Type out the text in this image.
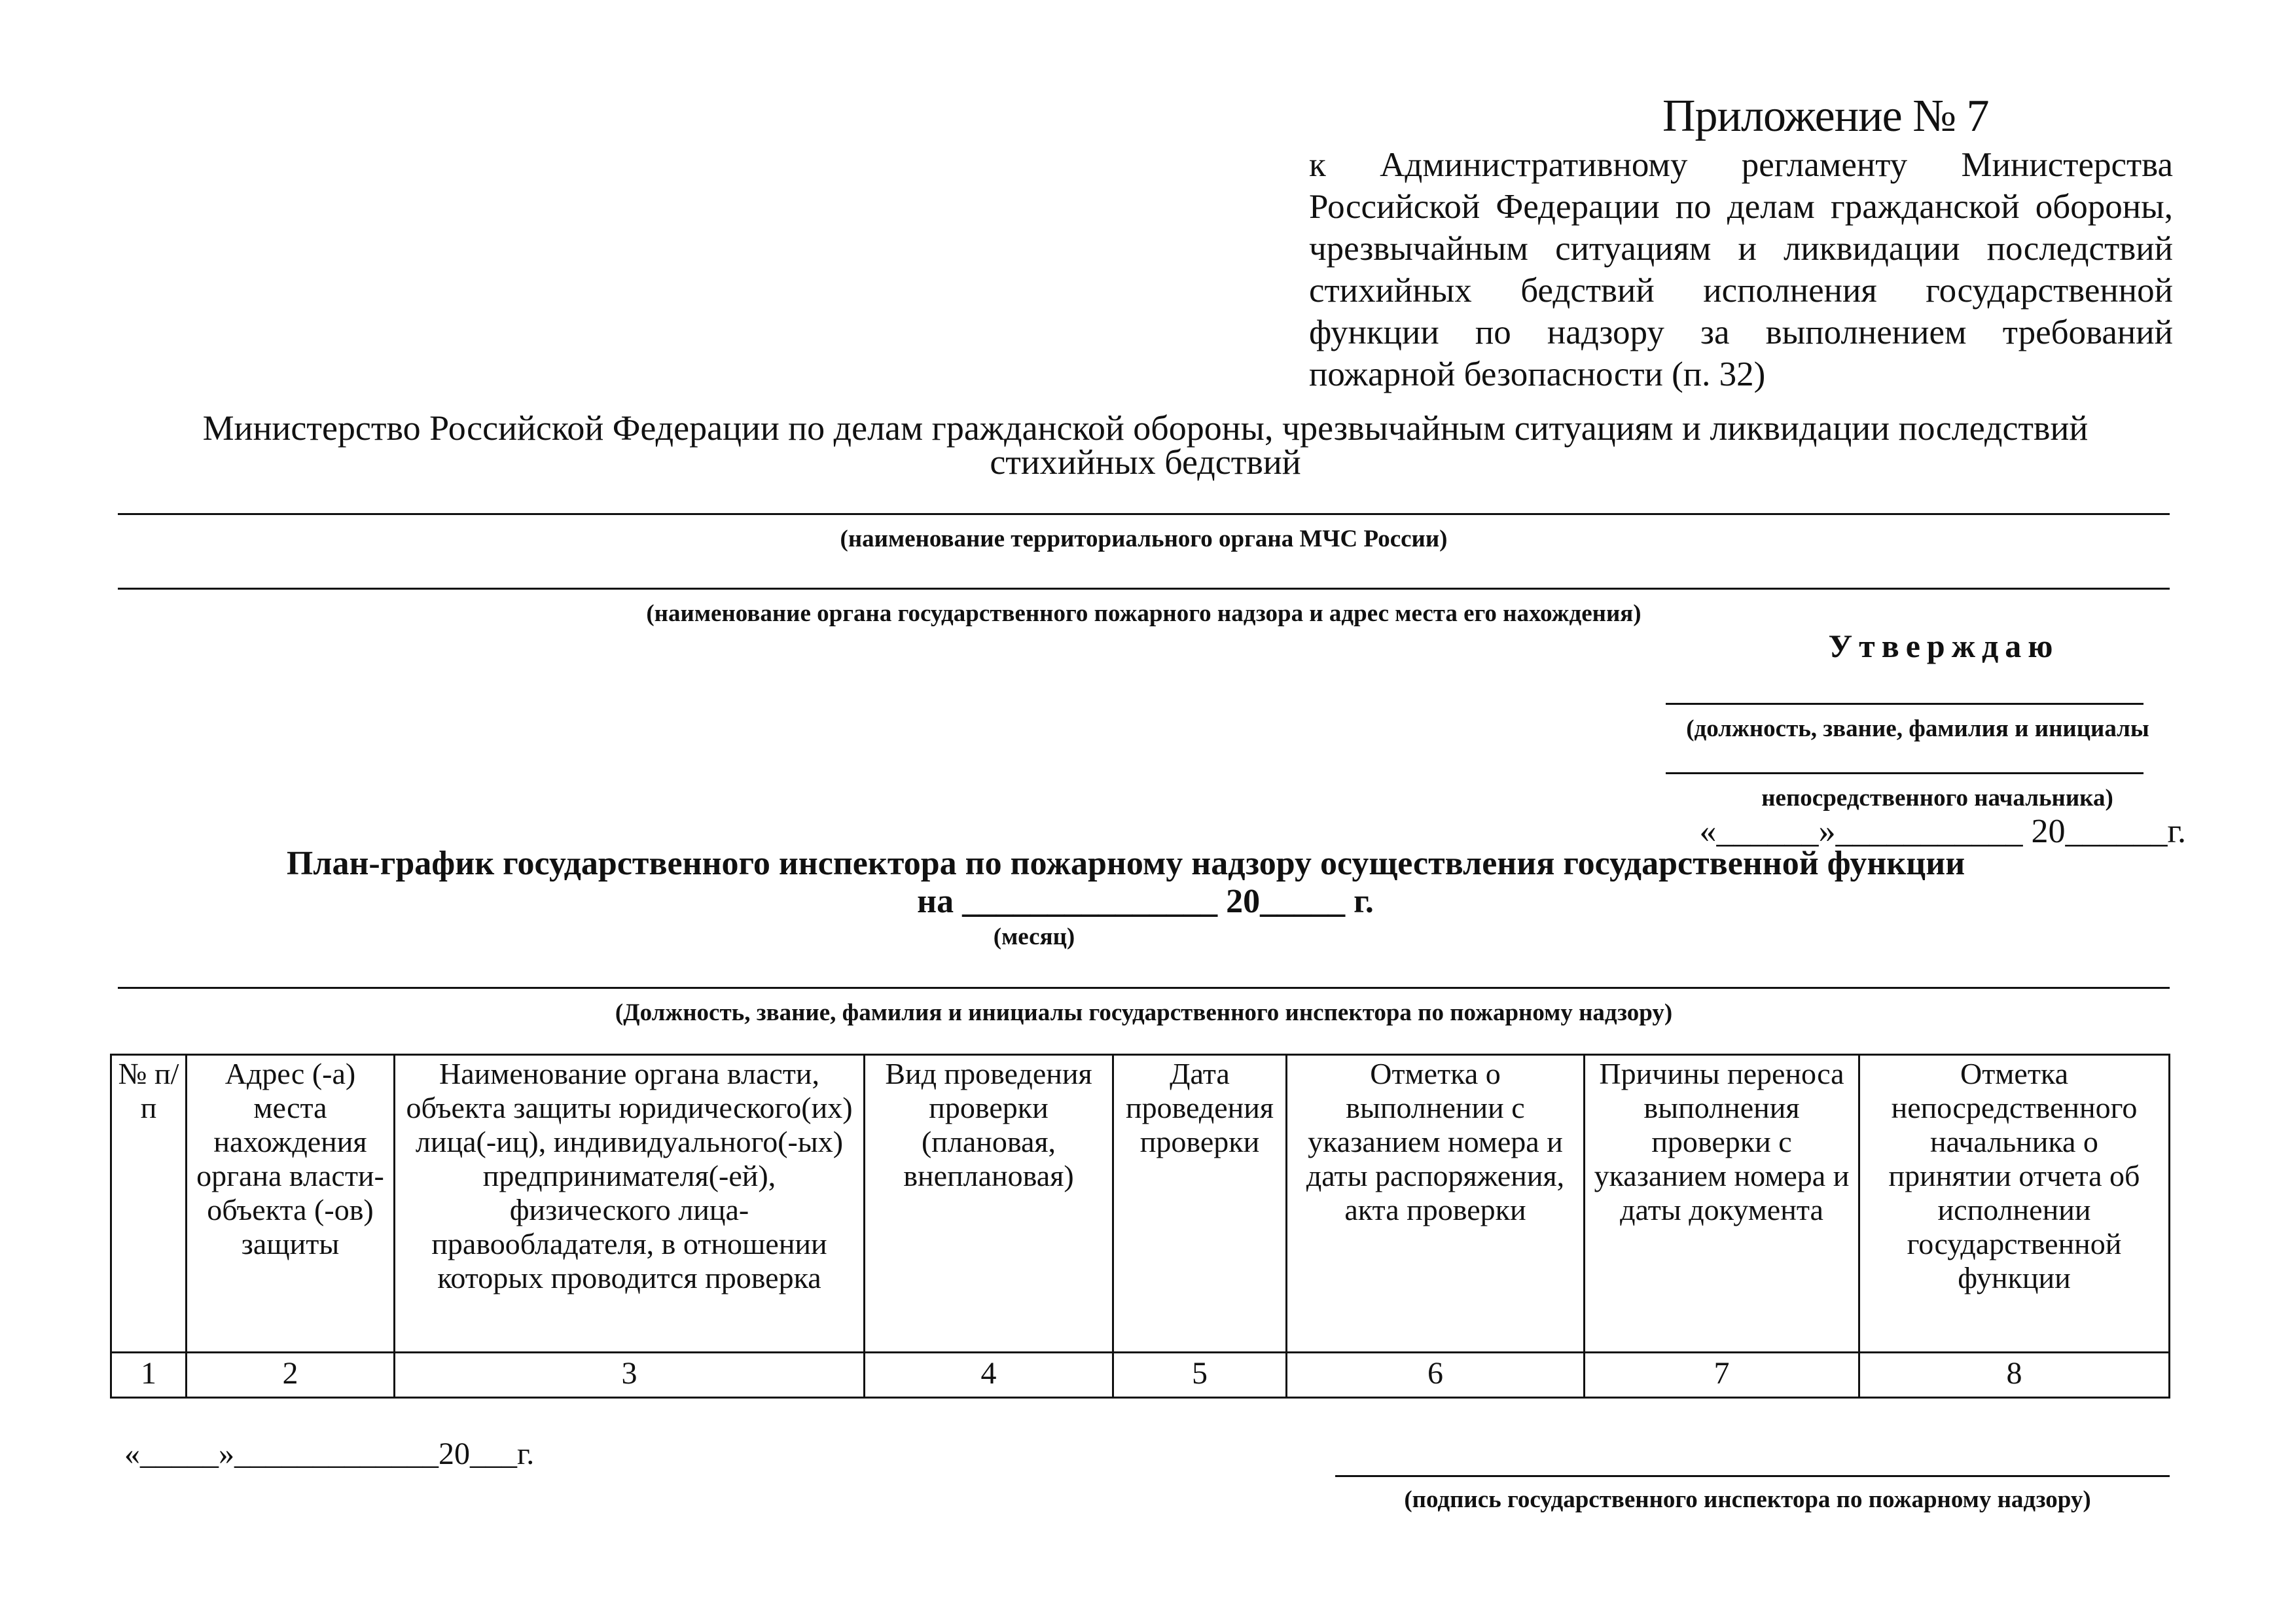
Приложение № 7
к Административному регламенту Министерства Российской Федерации по делам гражданской обороны, чрезвычайным ситуациям и ликвидации последствий стихийных бедствий исполнения государственной функции по надзору за выполнением требований пожарной безопасности (п. 32)
Министерство Российской Федерации по делам гражданской обороны, чрезвычайным ситуациям и ликвидации последствий
стихийных бедствий
(наименование территориального органа МЧС России)
(наименование органа государственного пожарного надзора и адрес места его нахождения)
Утверждаю
(должность, звание, фамилия и инициалы
непосредственного начальника)
«______»___________ 20______г.
План-график государственного инспектора по пожарному надзору осуществления государственной функции
на _______________ 20_____ г.
(месяц)
(Должность, звание, фамилия и инициалы государственного инспектора по пожарному надзору)
№ п/п	Адрес (-а) места нахождения органа власти-объекта (-ов) защиты	Наименование органа власти, объекта защиты юридического(их) лица(-иц), индивидуального(-ых) предпринимателя(-ей), физического лица-правообладателя, в отношении которых проводится проверка	Вид проведения проверки (плановая, внеплановая)	Дата проведения проверки	Отметка о выполнении с указанием номера и даты распоряжения, акта проверки	Причины переноса выполнения проверки с указанием номера и даты документа	Отметка непосредственного начальника о принятии отчета об исполнении государственной функции
1	2	3	4	5	6	7	8
«_____»_____________20___г.
(подпись государственного инспектора по пожарному надзору)
